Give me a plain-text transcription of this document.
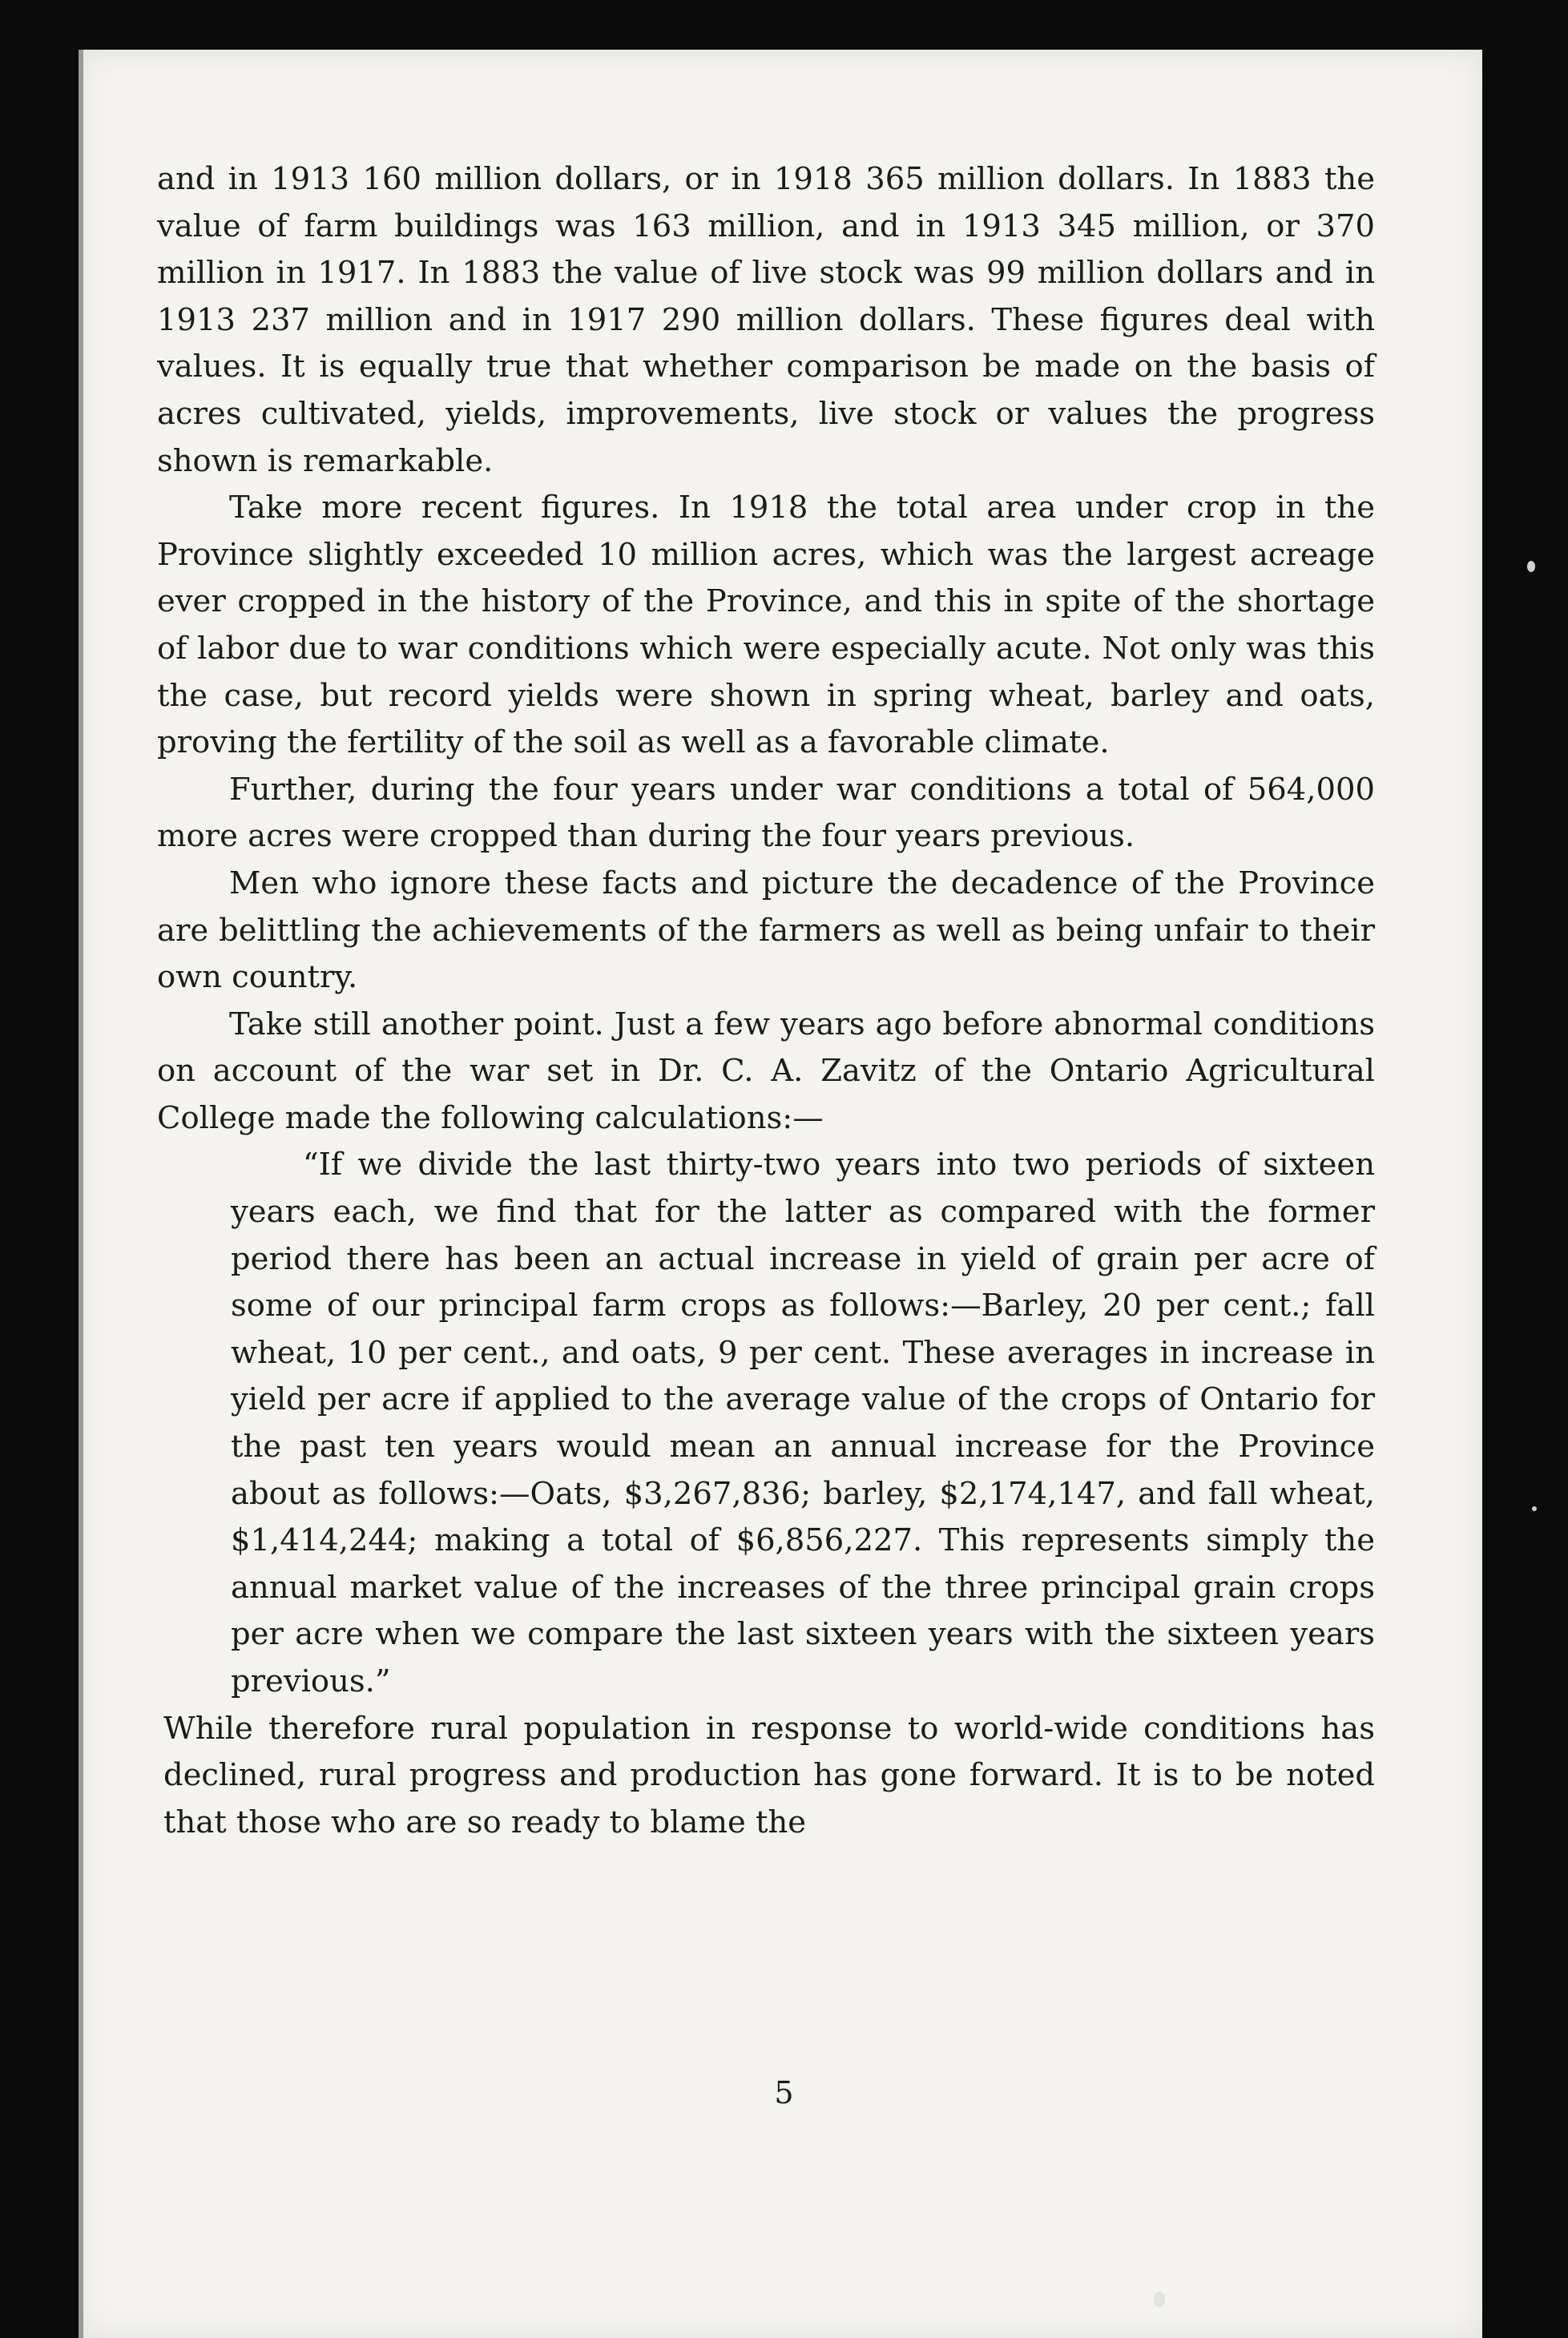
and in 1913 160 million dollars, or in 1918 365 million dollars. In 1883 the value of farm buildings was 163 million, and in 1913 345 million, or 370 million in 1917. In 1883 the value of live stock was 99 million dollars and in 1913 237 million and in 1917 290 million dollars. These figures deal with values. It is equally true that whether comparison be made on the basis of acres cultivated, yields, improvements, live stock or values the progress shown is remarkable.

Take more recent figures. In 1918 the total area under crop in the Province slightly exceeded 10 million acres, which was the largest acreage ever cropped in the history of the Province, and this in spite of the shortage of labor due to war conditions which were especially acute. Not only was this the case, but record yields were shown in spring wheat, barley and oats, proving the fertility of the soil as well as a favorable climate.

Further, during the four years under war conditions a total of 564,000 more acres were cropped than during the four years previous.

Men who ignore these facts and picture the decadence of the Province are belittling the achievements of the farmers as well as being unfair to their own country.

Take still another point. Just a few years ago before abnormal conditions on account of the war set in Dr. C. A. Zavitz of the Ontario Agricultural College made the following calculations:—

“If we divide the last thirty-two years into two periods of sixteen years each, we find that for the latter as compared with the former period there has been an actual increase in yield of grain per acre of some of our principal farm crops as follows:—Barley, 20 per cent.; fall wheat, 10 per cent., and oats, 9 per cent. These averages in increase in yield per acre if applied to the average value of the crops of Ontario for the past ten years would mean an annual increase for the Province about as follows:—Oats, $3,267,836; barley, $2,174,147, and fall wheat, $1,414,244; making a total of $6,856,227. This represents simply the annual market value of the increases of the three principal grain crops per acre when we compare the last sixteen years with the sixteen years previous.”

While therefore rural population in response to world-wide conditions has declined, rural progress and production has gone forward. It is to be noted that those who are so ready to blame the

5
